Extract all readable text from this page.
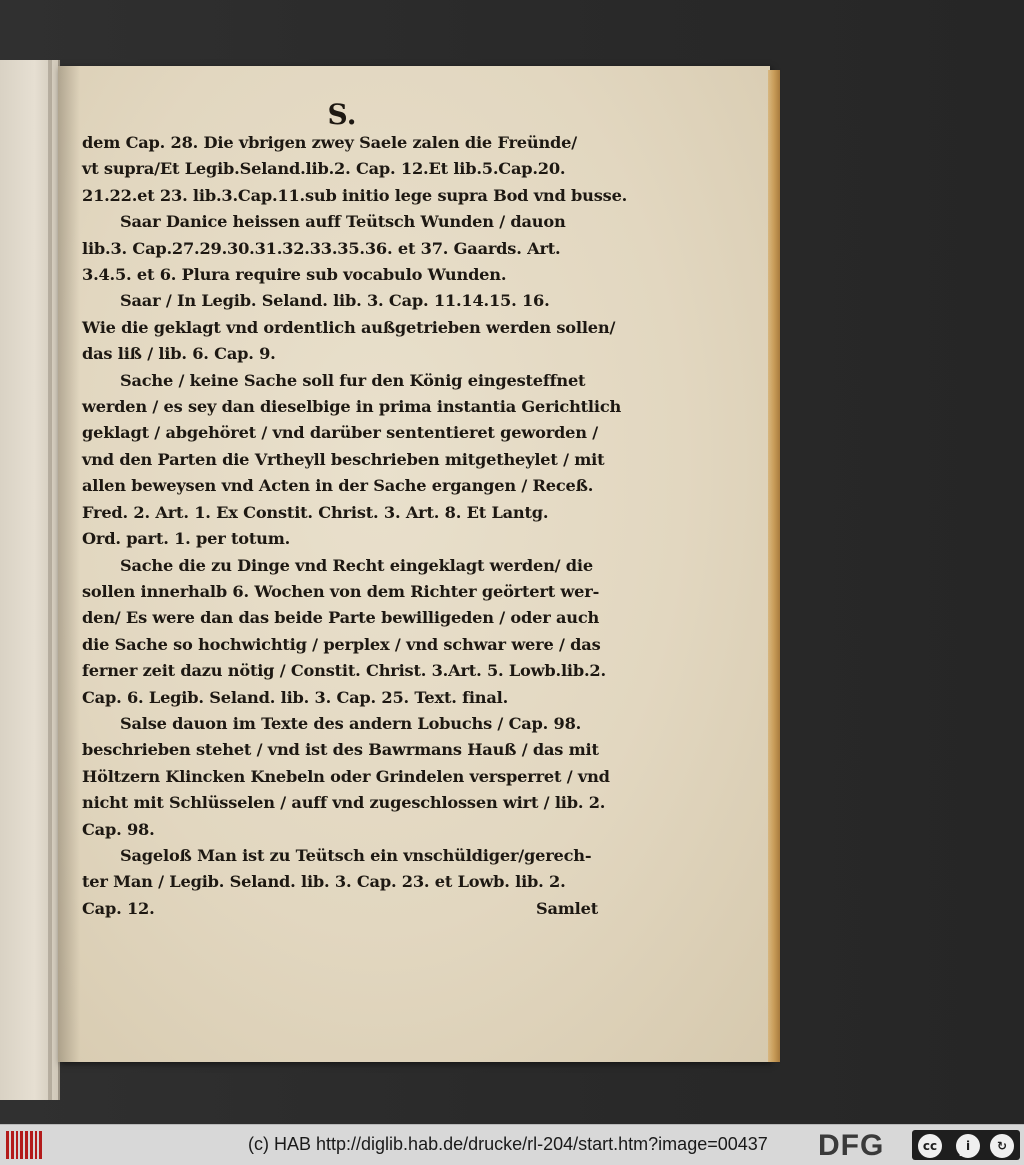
S.
dem Cap. 28. Die vbrigen zwey Saele zalen die Freünde/
vt supra/Et Legib.Seland.lib.2. Cap. 12.Et lib.5.Cap.20.
21.22.et 23. lib.3.Cap.11.sub initio lege supra Bod vnd busse.
Saar Danice heissen auff Teütsch Wunden / dauon
lib.3. Cap.27.29.30.31.32.33.35.36. et 37. Gaards. Art.
3.4.5. et 6. Plura require sub vocabulo Wunden.
Saar / In Legib. Seland. lib. 3. Cap. 11.14.15. 16.
Wie die geklagt vnd ordentlich außgetrieben werden sollen/
das liß / lib. 6. Cap. 9.
Sache / keine Sache soll fur den König eingesteffnet
werden / es sey dan dieselbige in prima instantia Gerichtlich
geklagt / abgehöret / vnd darüber sententieret geworden /
vnd den Parten die Vrtheyll beschrieben mitgetheylet / mit
allen beweysen vnd Acten in der Sache ergangen / Receß.
Fred. 2. Art. 1. Ex Constit. Christ. 3. Art. 8. Et Lantg.
Ord. part. 1. per totum.
Sache die zu Dinge vnd Recht eingeklagt werden/ die
sollen innerhalb 6. Wochen von dem Richter geörtert wer-
den/ Es were dan das beide Parte bewilligeden / oder auch
die Sache so hochwichtig / perplex / vnd schwar were / das
ferner zeit dazu nötig / Constit. Christ. 3.Art. 5. Lowb.lib.2.
Cap. 6. Legib. Seland. lib. 3. Cap. 25. Text. final.
Salse dauon im Texte des andern Lobuchs / Cap. 98.
beschrieben stehet / vnd ist des Bawrmans Hauß / das mit
Höltzern Klincken Knebeln oder Grindelen versperret / vnd
nicht mit Schlüsselen / auff vnd zugeschlossen wirt / lib. 2.
Cap. 98.
Sageloß Man ist zu Teütsch ein vnschüldiger/gerech-
ter Man / Legib. Seland. lib. 3. Cap. 23. et Lowb. lib. 2.
Cap. 12.	Samlet
(c) HAB http://diglib.hab.de/drucke/rl-204/start.htm?image=00437 DFG	cc	i	↻
BY	SA
